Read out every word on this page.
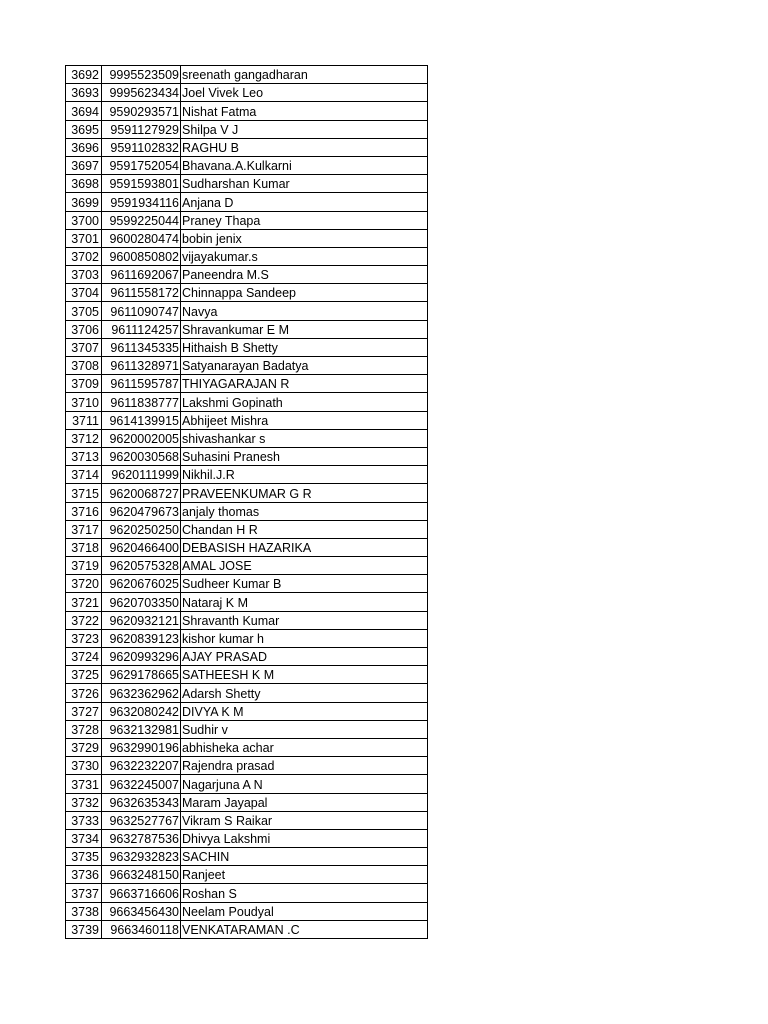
3692	9995523509	sreenath gangadharan
3693	9995623434	Joel Vivek Leo
3694	9590293571	Nishat Fatma
3695	9591127929	Shilpa V J
3696	9591102832	RAGHU B
3697	9591752054	Bhavana.A.Kulkarni
3698	9591593801	Sudharshan Kumar
3699	9591934116	Anjana D
3700	9599225044	Praney Thapa
3701	9600280474	bobin jenix
3702	9600850802	vijayakumar.s
3703	9611692067	Paneendra M.S
3704	9611558172	Chinnappa Sandeep
3705	9611090747	Navya
3706	9611124257	Shravankumar E M
3707	9611345335	Hithaish B Shetty
3708	9611328971	Satyanarayan Badatya
3709	9611595787	THIYAGARAJAN R
3710	9611838777	Lakshmi Gopinath
3711	9614139915	Abhijeet Mishra
3712	9620002005	shivashankar s
3713	9620030568	Suhasini Pranesh
3714	9620111999	Nikhil.J.R
3715	9620068727	PRAVEENKUMAR G R
3716	9620479673	anjaly thomas
3717	9620250250	Chandan H R
3718	9620466400	DEBASISH HAZARIKA
3719	9620575328	AMAL JOSE
3720	9620676025	Sudheer Kumar B
3721	9620703350	Nataraj K M
3722	9620932121	Shravanth Kumar
3723	9620839123	kishor kumar h
3724	9620993296	AJAY PRASAD
3725	9629178665	SATHEESH K M
3726	9632362962	Adarsh Shetty
3727	9632080242	DIVYA K M
3728	9632132981	Sudhir v
3729	9632990196	abhisheka achar
3730	9632232207	Rajendra prasad
3731	9632245007	Nagarjuna A N
3732	9632635343	Maram Jayapal
3733	9632527767	Vikram S Raikar
3734	9632787536	Dhivya Lakshmi
3735	9632932823	SACHIN
3736	9663248150	Ranjeet
3737	9663716606	Roshan S
3738	9663456430	Neelam Poudyal
3739	9663460118	VENKATARAMAN .C
